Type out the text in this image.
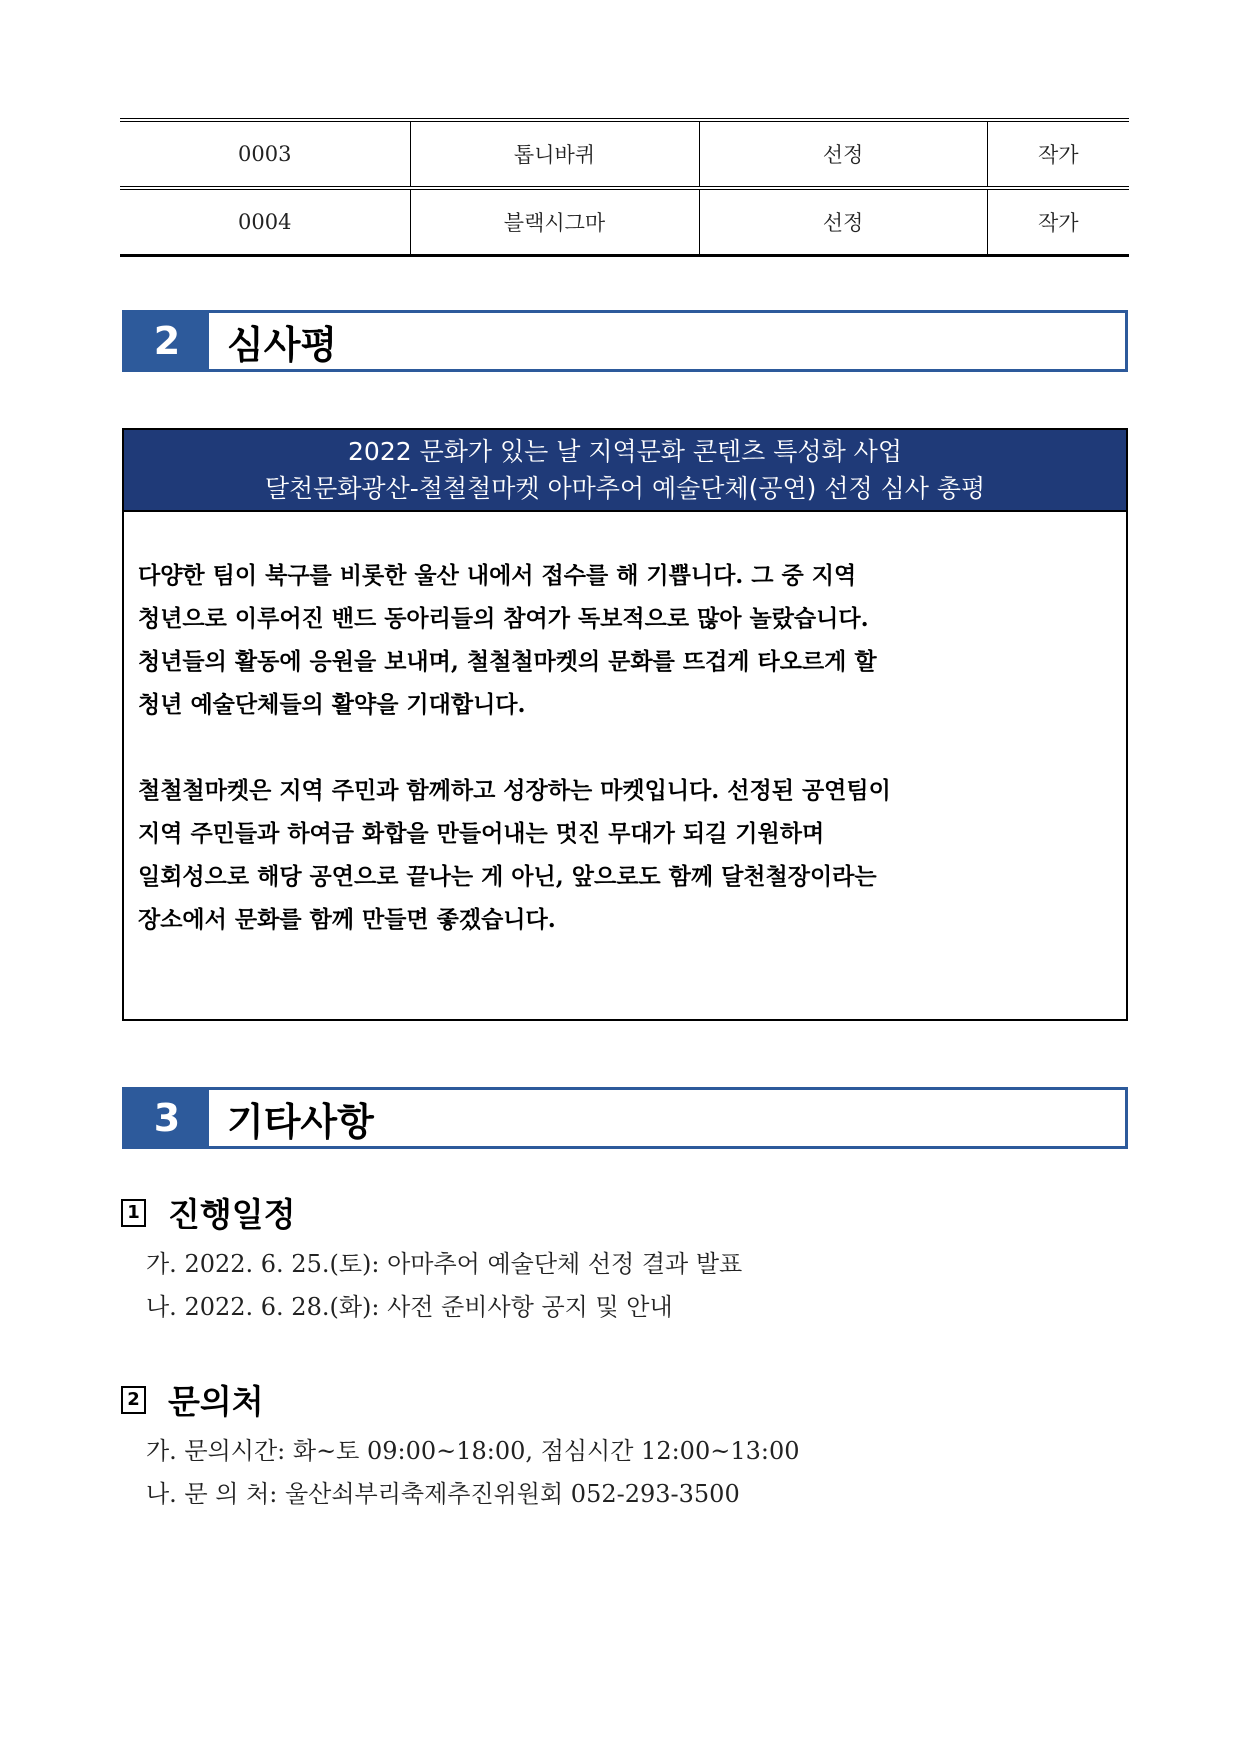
0003	톱니바퀴	선정	작가
0004	블랙시그마	선정	작가
2	심사평
2022 문화가 있는 날 지역문화 콘텐츠 특성화 사업
달천문화광산-철철철마켓 아마추어 예술단체(공연) 선정 심사 총평

다양한 팀이 북구를 비롯한 울산 내에서 접수를 해 기쁩니다. 그 중 지역

청년으로 이루어진 밴드 동아리들의 참여가 독보적으로 많아 놀랐습니다.

청년들의 활동에 응원을 보내며, 철철철마켓의 문화를 뜨겁게 타오르게 할

청년 예술단체들의 활약을 기대합니다.

철철철마켓은 지역 주민과 함께하고 성장하는 마켓입니다. 선정된 공연팀이

지역 주민들과 하여금 화합을 만들어내는 멋진 무대가 되길 기원하며

일회성으로 해당 공연으로 끝나는 게 아닌, 앞으로도 함께 달천철장이라는

장소에서 문화를 함께 만들면 좋겠습니다.

3	기타사항
1 진행일정

가. 2022. 6. 25.(토): 아마추어 예술단체 선정 결과 발표

나. 2022. 6. 28.(화): 사전 준비사항 공지 및 안내

2 문의처

가. 문의시간: 화~토 09:00~18:00, 점심시간 12:00~13:00

나. 문 의 처: 울산쇠부리축제추진위원회 052-293-3500
